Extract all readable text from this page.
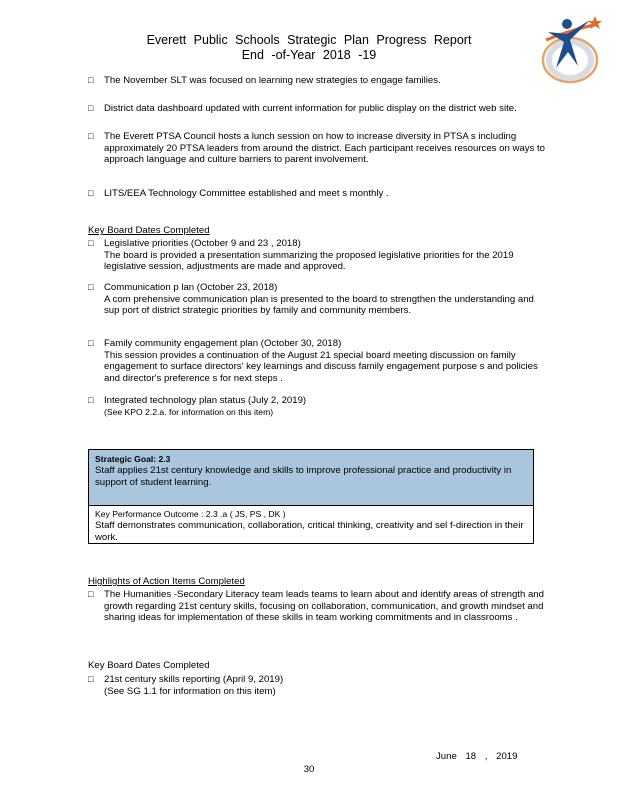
Everett Public Schools Strategic Plan Progress Report
End -of-Year 2018 -19
□ The November SLT was focused on learning new strategies to engage families.
□ District data dashboard updated with current information for public display on the district web site.
□ The Everett PTSA Council hosts a lunch session on how to increase diversity in PTSA s including approximately 20 PTSA leaders from around the district. Each participant receives resources on ways to approach language and culture barriers to parent involvement.
□ LITS/EEA Technology Committee established and meet s monthly .
Key Board Dates Completed
□ Legislative priorities (October 9 and 23 , 2018)
The board is provided a presentation summarizing the proposed legislative priorities for the 2019 legislative session, adjustments are made and approved.
□ Communication p lan (October 23, 2018)
A com prehensive communication plan is presented to the board to strengthen the understanding and sup port of district strategic priorities by family and community members.
□ Family community engagement plan (October 30, 2018)
This session provides a continuation of the August 21 special board meeting discussion on family engagement to surface directors' key learnings and discuss family engagement purpose s and policies and director's preference s for next steps .
□ Integrated technology plan status (July 2, 2019)
(See KPO 2.2.a. for information on this item)
Strategic Goal: 2.3
Staff applies 21st century knowledge and skills to improve professional practice and productivity in support of student learning.
Key Performance Outcome : 2.3 .a ( JS, PS , DK )
Staff demonstrates communication, collaboration, critical thinking, creativity and sel f-direction in their work.
Highlights of Action Items Completed
□ The Humanities -Secondary Literacy team leads teams to learn about and identify areas of strength and growth regarding 21st century skills, focusing on collaboration, communication, and growth mindset and sharing ideas for implementation of these skills in team working commitments and in classrooms .
Key Board Dates Completed
□ 21st century skills reporting (April 9, 2019)
(See SG 1.1 for information on this item)
June 18 , 2019
30
